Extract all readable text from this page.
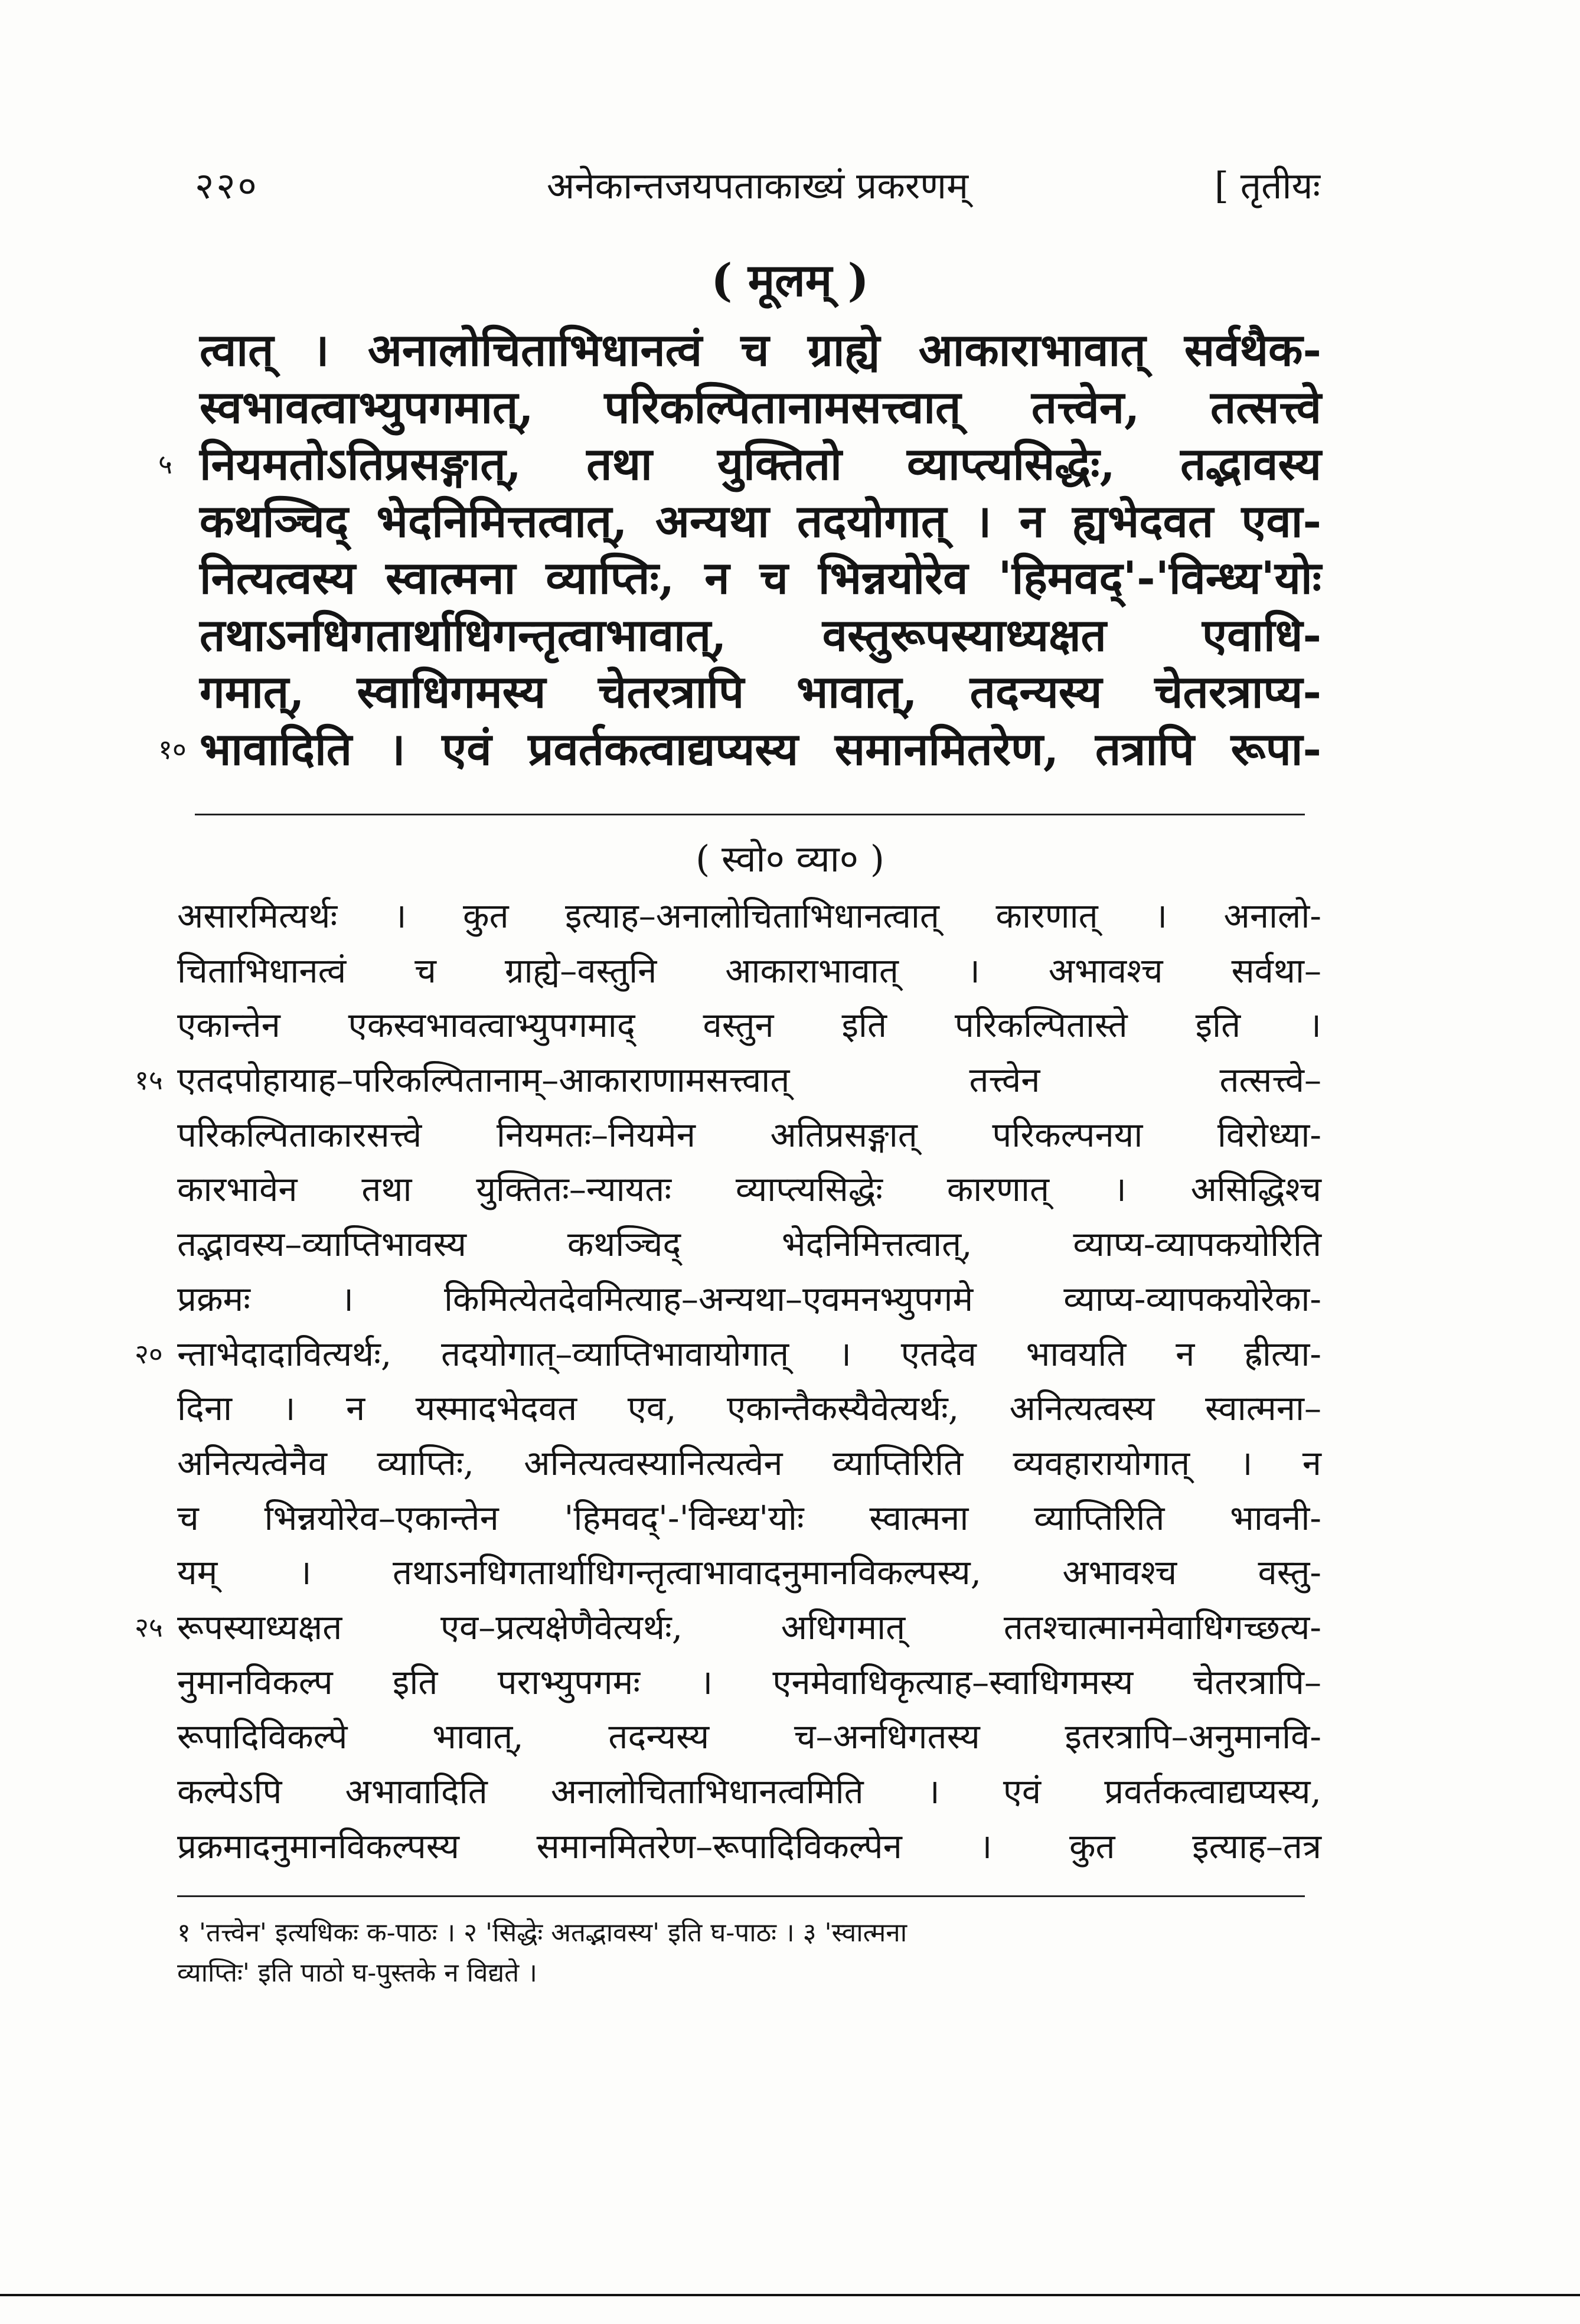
२२०	अनेकान्तजयपताकाख्यं प्रकरणम्	[ तृतीयः
( मूलम् )
त्वात् । अनालोचिताभिधानत्वं च ग्राह्ये आकाराभावात् सर्वथैक-
स्वभावत्वाभ्युपगमात्, परिकल्पितानामसत्त्वात् तत्त्वेन, तत्सत्त्वे
५ नियमतोऽतिप्रसङ्गात्, तथा युक्तितो व्याप्त्यसिद्धेः, तद्भावस्य
कथञ्चिद् भेदनिमित्तत्वात्, अन्यथा तदयोगात् । न ह्यभेदवत एवा-
नित्यत्वस्य स्वात्मना व्याप्तिः, न च भिन्नयोरेव 'हिमवद्'-'विन्ध्य'योः
तथाऽनधिगतार्थाधिगन्तृत्वाभावात्, वस्तुरूपस्याध्यक्षत एवाधि-
गमात्, स्वाधिगमस्य चेतरत्रापि भावात्, तदन्यस्य चेतरत्राप्य-
१० भावादिति । एवं प्रवर्तकत्वाद्यप्यस्य समानमितरेण, तत्रापि रूपा-
( स्वो० व्या० )
असारमित्यर्थः । कुत इत्याह–अनालोचिताभिधानत्वात् कारणात् । अनालो-
चिताभिधानत्वं च ग्राह्ये–वस्तुनि आकाराभावात् । अभावश्च सर्वथा–
एकान्तेन एकस्वभावत्वाभ्युपगमाद् वस्तुन इति परिकल्पितास्ते इति ।
१५ एतदपोहायाह–परिकल्पितानाम्–आकाराणामसत्त्वात् तत्त्वेन तत्सत्त्वे–
परिकल्पिताकारसत्त्वे नियमतः–नियमेन अतिप्रसङ्गात् परिकल्पनया विरोध्या-
कारभावेन तथा युक्तितः–न्यायतः व्याप्त्यसिद्धेः कारणात् । असिद्धिश्च
तद्भावस्य–व्याप्तिभावस्य कथञ्चिद् भेदनिमित्तत्वात्, व्याप्य-व्यापकयोरिति
प्रक्रमः । किमित्येतदेवमित्याह–अन्यथा–एवमनभ्युपगमे व्याप्य-व्यापकयोरेका-
२० न्ताभेदादावित्यर्थः, तदयोगात्–व्याप्तिभावायोगात् । एतदेव भावयति न ह्रीत्या-
दिना । न यस्मादभेदवत एव, एकान्तैकस्यैवेत्यर्थः, अनित्यत्वस्य स्वात्मना–
अनित्यत्वेनैव व्याप्तिः, अनित्यत्वस्यानित्यत्वेन व्याप्तिरिति व्यवहारायोगात् । न
च भिन्नयोरेव–एकान्तेन 'हिमवद्'-'विन्ध्य'योः स्वात्मना व्याप्तिरिति भावनी-
यम् । तथाऽनधिगतार्थाधिगन्तृत्वाभावादनुमानविकल्पस्य, अभावश्च वस्तु-
२५ रूपस्याध्यक्षत एव–प्रत्यक्षेणैवेत्यर्थः, अधिगमात् ततश्चात्मानमेवाधिगच्छत्य-
नुमानविकल्प इति पराभ्युपगमः । एनमेवाधिकृत्याह–स्वाधिगमस्य चेतरत्रापि–
रूपादिविकल्पे भावात्, तदन्यस्य च–अनधिगतस्य इतरत्रापि–अनुमानवि-
कल्पेऽपि अभावादिति अनालोचिताभिधानत्वमिति । एवं प्रवर्तकत्वाद्यप्यस्य,
प्रक्रमादनुमानविकल्पस्य समानमितरेण–रूपादिविकल्पेन । कुत इत्याह–तत्र
१ 'तत्त्वेन' इत्यधिकः क-पाठः । २ 'सिद्धेः अतद्भावस्य' इति घ-पाठः । ३ 'स्वात्मना
व्याप्तिः' इति पाठो घ-पुस्तके न विद्यते ।
